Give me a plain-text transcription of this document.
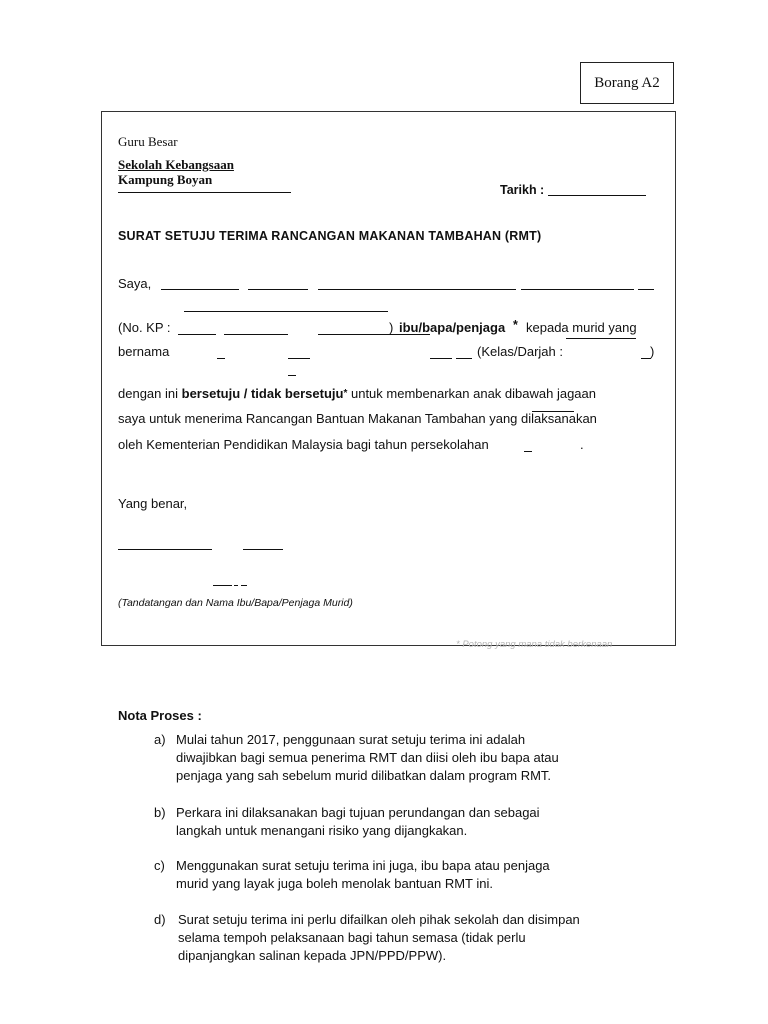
Borang A2
Guru Besar
Sekolah Kebangsaan
Kampung Boyan
Tarikh :
SURAT SETUJU TERIMA RANCANGAN MAKANAN TAMBAHAN (RMT)
Saya,
(No. KP :	) ibu/bapa/penjaga * kepada murid yang
bernama	(Kelas/Darjah :	)
dengan ini bersetuju / tidak bersetuju* untuk membenarkan anak dibawah jagaan
saya untuk menerima Rancangan Bantuan Makanan Tambahan yang dilaksanakan
oleh Kementerian Pendidikan Malaysia bagi tahun persekolahan	.
Yang benar,
(Tandatangan dan Nama Ibu/Bapa/Penjaga Murid)
* Potong yang mana tidak berkenaan
Nota Proses :
a) Mulai tahun 2017, penggunaan surat setuju terima ini adalah
diwajibkan bagi semua penerima RMT dan diisi oleh ibu bapa atau
penjaga yang sah sebelum murid dilibatkan dalam program RMT.
b) Perkara ini dilaksanakan bagi tujuan perundangan dan sebagai
langkah untuk menangani risiko yang dijangkakan.
c) Menggunakan surat setuju terima ini juga, ibu bapa atau penjaga
murid yang layak juga boleh menolak bantuan RMT ini.
d) Surat setuju terima ini perlu difailkan oleh pihak sekolah dan disimpan
selama tempoh pelaksanaan bagi tahun semasa (tidak perlu
dipanjangkan salinan kepada JPN/PPD/PPW).
